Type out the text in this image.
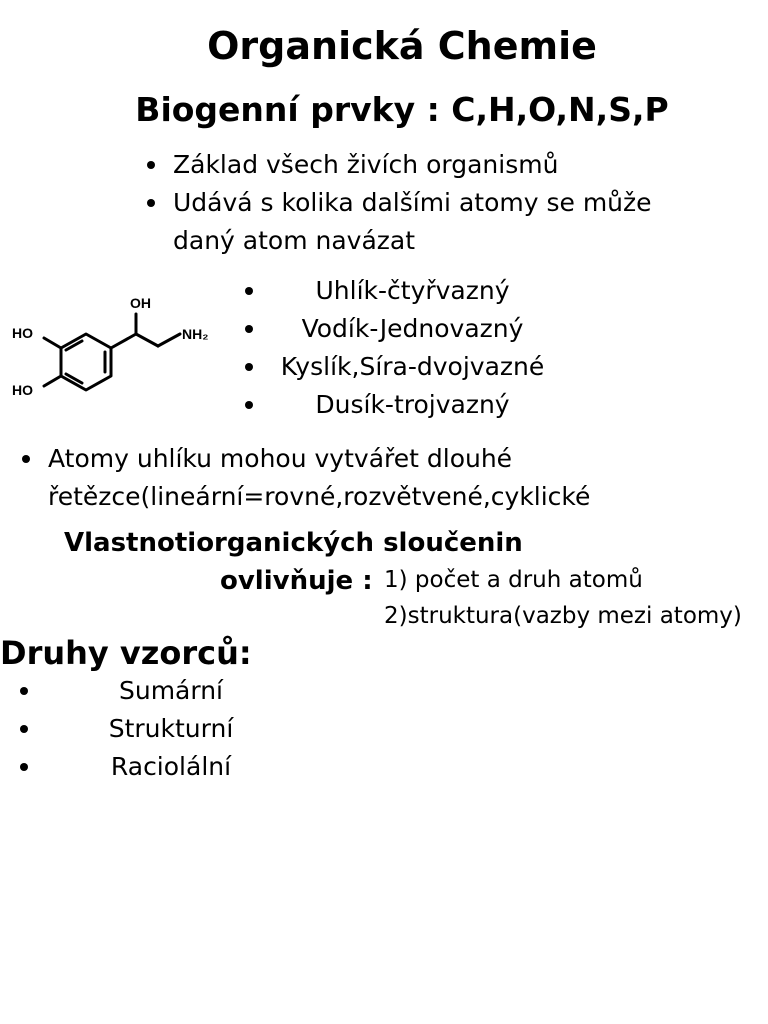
Organická Chemie
Biogenní prvky : C,H,O,N,S,P
Základ všech živích organismů
Udává s kolika dalšími atomy se může daný atom navázat
OH
HO
HO
NH₂
Uhlík-čtyřvazný
Vodík-Jednovazný
Kyslík,Síra-dvojvazné
Dusík-trojvazný
Atomy uhlíku mohou vytvářet dlouhé řetězce(lineární=rovné,rozvětvené,cyklické
Vlastnotiorganických sloučenin
ovlivňuje : 1) počet a druh atomů
2)struktura(vazby mezi atomy)
Druhy vzorců:
Sumární
Strukturní
Raciolální
